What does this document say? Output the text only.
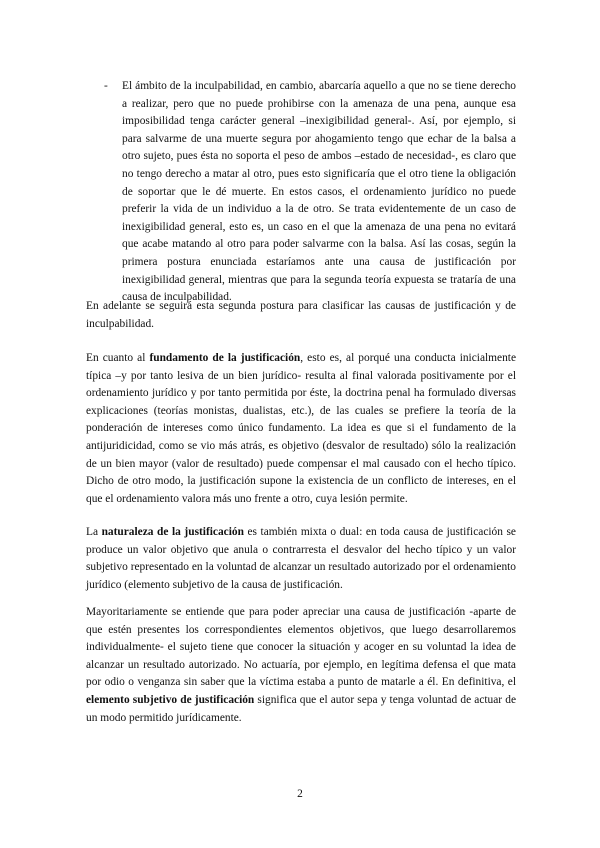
- El ámbito de la inculpabilidad, en cambio, abarcaría aquello a que no se tiene derecho a realizar, pero que no puede prohibirse con la amenaza de una pena, aunque esa imposibilidad tenga carácter general –inexigibilidad general-. Así, por ejemplo, si para salvarme de una muerte segura por ahogamiento tengo que echar de la balsa a otro sujeto, pues ésta no soporta el peso de ambos –estado de necesidad-, es claro que no tengo derecho a matar al otro, pues esto significaría que el otro tiene la obligación de soportar que le dé muerte. En estos casos, el ordenamiento jurídico no puede preferir la vida de un individuo a la de otro. Se trata evidentemente de un caso de inexigibilidad general, esto es, un caso en el que la amenaza de una pena no evitará que acabe matando al otro para poder salvarme con la balsa. Así las cosas, según la primera postura enunciada estaríamos ante una causa de justificación por inexigibilidad general, mientras que para la segunda teoría expuesta se trataría de una causa de inculpabilidad.

En adelante se seguirá esta segunda postura para clasificar las causas de justificación y de inculpabilidad.

En cuanto al fundamento de la justificación, esto es, al porqué una conducta inicialmente típica –y por tanto lesiva de un bien jurídico- resulta al final valorada positivamente por el ordenamiento jurídico y por tanto permitida por éste, la doctrina penal ha formulado diversas explicaciones (teorías monistas, dualistas, etc.), de las cuales se prefiere la teoría de la ponderación de intereses como único fundamento. La idea es que si el fundamento de la antijuridicidad, como se vio más atrás, es objetivo (desvalor de resultado) sólo la realización de un bien mayor (valor de resultado) puede compensar el mal causado con el hecho típico. Dicho de otro modo, la justificación supone la existencia de un conflicto de intereses, en el que el ordenamiento valora más uno frente a otro, cuya lesión permite.

La naturaleza de la justificación es también mixta o dual: en toda causa de justificación se produce un valor objetivo que anula o contrarresta el desvalor del hecho típico y un valor subjetivo representado en la voluntad de alcanzar un resultado autorizado por el ordenamiento jurídico (elemento subjetivo de la causa de justificación.

Mayoritariamente se entiende que para poder apreciar una causa de justificación -aparte de que estén presentes los correspondientes elementos objetivos, que luego desarrollaremos individualmente- el sujeto tiene que conocer la situación y acoger en su voluntad la idea de alcanzar un resultado autorizado. No actuaría, por ejemplo, en legítima defensa el que mata por odio o venganza sin saber que la víctima estaba a punto de matarle a él. En definitiva, el elemento subjetivo de justificación significa que el autor sepa y tenga voluntad de actuar de un modo permitido jurídicamente.

2
